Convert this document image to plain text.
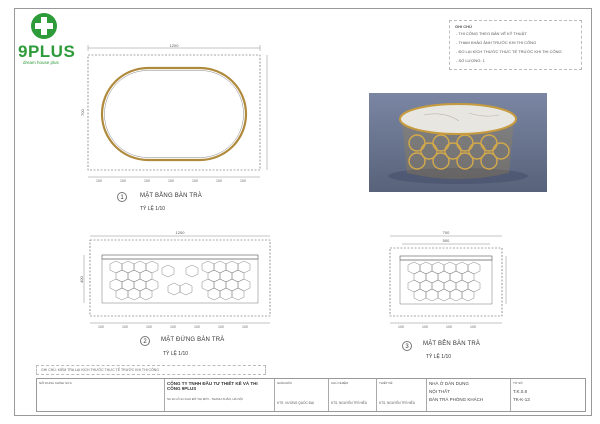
9PLUS
dream house plus
GHI CHÚ
- THI CÔNG THEO BẢN VẼ KỸ THUẬT
- THAM KHẢO ẢNH TRƯỚC KHI THI CÔNG
- ĐO LẠI KÍCH THƯỚC THỰC TẾ TRƯỚC KHI THI CÔNG
- SỐ LƯỢNG: 1
1200
700
100	100	100	100	100	100	100
1	MẶT BẰNG BÀN TRÀ
TỶ LỆ 1/10
1200
400
100	100	100	100	100	100	100
2	MẶT ĐỨNG BÀN TRÀ
TỶ LỆ 1/10
700
500
100	100	100	100
3	MẶT BÊN BÀN TRÀ
TỶ LỆ 1/10
GHI CHÚ: KIỂM TRA LẠI KÍCH THƯỚC THỰC TẾ TRƯỚC KHI THI CÔNG
NỘI DUNG CHỈNH SỬA	CÔNG TY TNHH ĐẦU TƯ THIẾT KẾ VÀ THI CÔNG 9PLUS
Số 10 LÔ 21 KHU ĐÔ THỊ MỚI - THANH XUÂN, HÀ NỘI
GIÁM ĐỐC
KTS. VƯƠNG QUỐC ĐẠI
CHỦ NHIỆM
KTS. NGUYỄN TRÍ HIẾU
THIẾT KẾ
KTS. NGUYỄN TRÍ HIẾU
NHÀ Ở DÂN DỤNG
NỘI THẤT
BÀN TRÀ PHÒNG KHÁCH
TỜ SỐ
T.K.0.8
TK-K-13
